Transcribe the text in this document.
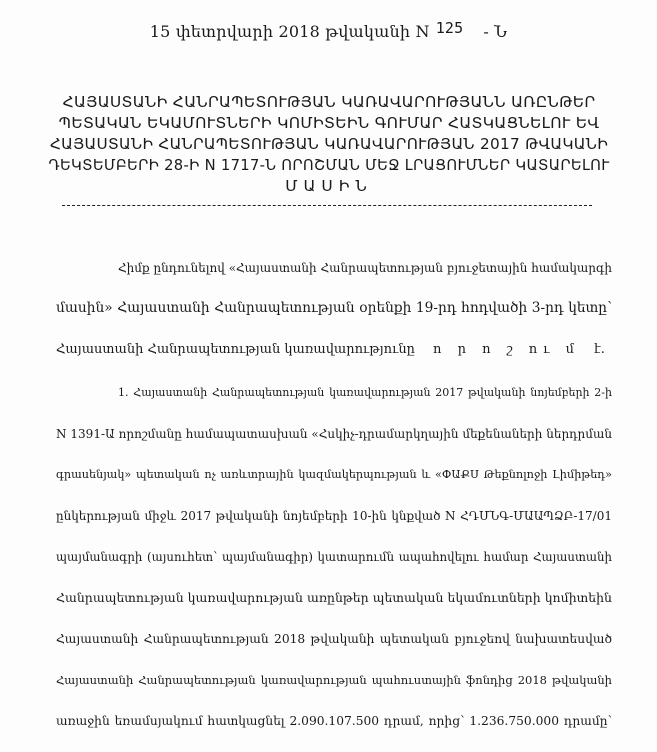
15 փետրվարի 2018 թվականի N 125 - Ն
ՀԱՅԱՍՏԱՆԻ ՀԱՆՐԱՊԵՏՈՒԹՅԱՆ ԿԱՌԱՎԱՐՈՒԹՅԱՆՆ ԱՌԸՆԹԵՐ
ՊԵՏԱԿԱՆ ԵԿԱՄՈՒՏՆԵՐԻ ԿՈՄԻՏԵԻՆ ԳՈՒՄԱՐ ՀԱՏԿԱՑՆԵԼՈՒ ԵՎ
ՀԱՅԱՍՏԱՆԻ ՀԱՆՐԱՊԵՏՈՒԹՅԱՆ ԿԱՌԱՎԱՐՈՒԹՅԱՆ 2017 ԹՎԱԿԱՆԻ
ԴԵԿՏԵՄԲԵՐԻ 28-Ի N 1717-Ն ՈՐՈՇՄԱՆ ՄԵՋ ԼՐԱՑՈՒՄՆԵՐ ԿԱՏԱՐԵԼՈՒ
ՄԱՍԻՆ
Հիմք ընդունելով «Հայաստանի Հանրապետության բյուջետային համակարգի
մասին» Հայաստանի Հանրապետության օրենքի 19-րդ հոդվածի 3-րդ կետը՝
Հայաստանի Հանրապետության կառավարությունը ո ր ո շ ու մ է.
1. Հայաստանի Հանրապետության կառավարության 2017 թվականի նոյեմբերի 2-ի
N 1391-Ա որոշմանը համապատասխան «Հսկիչ-դրամարկղային մեքենաների ներդրման
գրասենյակ» պետական ոչ առևտրային կազմակերպության և «ՓԱՔՍ Թեքնոլոջի Լիմիթեդ»
ընկերության միջև 2017 թվականի նոյեմբերի 10-ին կնքված N ՀԴՄՆԳ-ՄԱԱՊՁԲ-17/01
պայմանագրի (այսուհետ՝ պայմանագիր) կատարումն ապահովելու համար Հայաստանի
Հանրապետության կառավարության առընթեր պետական եկամուտների կոմիտեին
Հայաստանի Հանրապետության 2018 թվականի պետական բյուջեով նախատեսված
Հայաստանի Հանրապետության կառավարության պահուստային ֆոնդից 2018 թվականի
առաջին եռամսյակում հատկացնել 2.090.107.500 դրամ, որից՝ 1.236.750.000 դրամը՝
